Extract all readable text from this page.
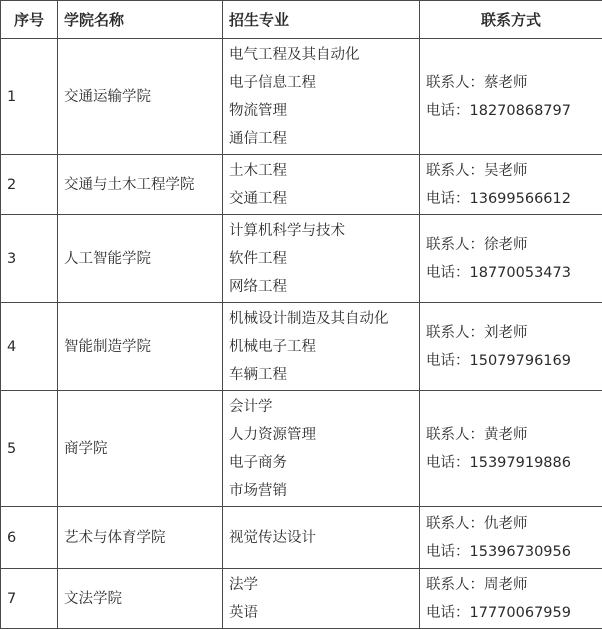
序号	学院名称	招生专业	联系方式
1	交通运输学院	电气工程及其自动化
电子信息工程
物流管理
通信工程	联系人：蔡老师
电话：18270868797

2	交通与土木工程学院	土木工程
交通工程	联系人：吴老师
电话：13699566612

3	人工智能学院	计算机科学与技术
软件工程
网络工程	联系人：徐老师
电话：18770053473

4	智能制造学院	机械设计制造及其自动化
机械电子工程
车辆工程	联系人：刘老师
电话：15079796169

5	商学院	会计学
人力资源管理
电子商务
市场营销	联系人：黄老师
电话：15397919886

6	艺术与体育学院	视觉传达设计	联系人：仇老师
电话：15396730956

7	文法学院	法学
英语	联系人：周老师
电话：17770067959
